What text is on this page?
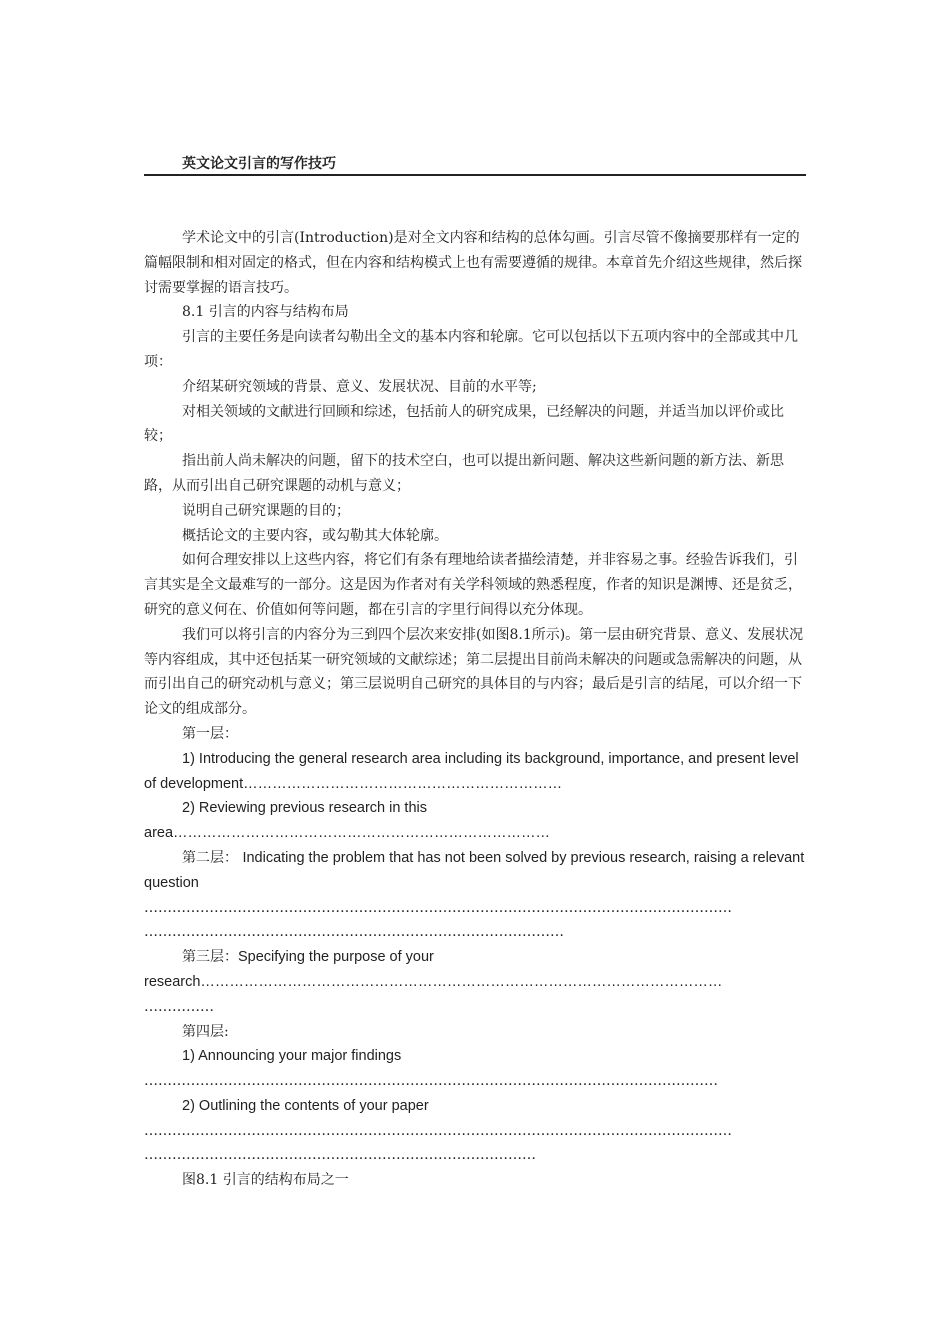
英文论文引言的写作技巧

学术论文中的引言(Introduction)是对全文内容和结构的总体勾画。引言尽管不像摘要那样有一定的篇幅限制和相对固定的格式，但在内容和结构模式上也有需要遵循的规律。本章首先介绍这些规律，然后探讨需要掌握的语言技巧。

8.1 引言的内容与结构布局

引言的主要任务是向读者勾勒出全文的基本内容和轮廓。它可以包括以下五项内容中的全部或其中几项：

介绍某研究领域的背景、意义、发展状况、目前的水平等;

对相关领域的文献进行回顾和综述，包括前人的研究成果，已经解决的问题，并适当加以评价或比较；

指出前人尚未解决的问题，留下的技术空白，也可以提出新问题、解决这些新问题的新方法、新思路，从而引出自己研究课题的动机与意义；

说明自己研究课题的目的；

概括论文的主要内容，或勾勒其大体轮廓。

如何合理安排以上这些内容，将它们有条有理地给读者描绘清楚，并非容易之事。经验告诉我们，引言其实是全文最难写的一部分。这是因为作者对有关学科领域的熟悉程度，作者的知识是渊博、还是贫乏，研究的意义何在、价值如何等问题，都在引言的字里行间得以充分体现。

我们可以将引言的内容分为三到四个层次来安排(如图8.1所示)。第一层由研究背景、意义、发展状况等内容组成，其中还包括某一研究领域的文献综述；第二层提出目前尚未解决的问题或急需解决的问题，从而引出自己的研究动机与意义；第三层说明自己研究的具体目的与内容；最后是引言的结尾，可以介绍一下论文的组成部分。

第一层：

1) Introducing the general research area including its background, importance, and present level of development…………………………………………………………

2) Reviewing previous research in this

area……………………………………………………………………

第二层： Indicating the problem that has not been solved by previous research, raising a relevant question

………………………………………………………………………………………………………………
………………………………………………………………………………

第三层：Specifying the purpose of your

research………………………………………………………………………………………………
……………

第四层:

1) Announcing your major findings

……………………………………………………………………………………………………………

2) Outlining the contents of your paper

………………………………………………………………………………………………………………
…………………………………………………………………………

图8.1 引言的结构布局之一
